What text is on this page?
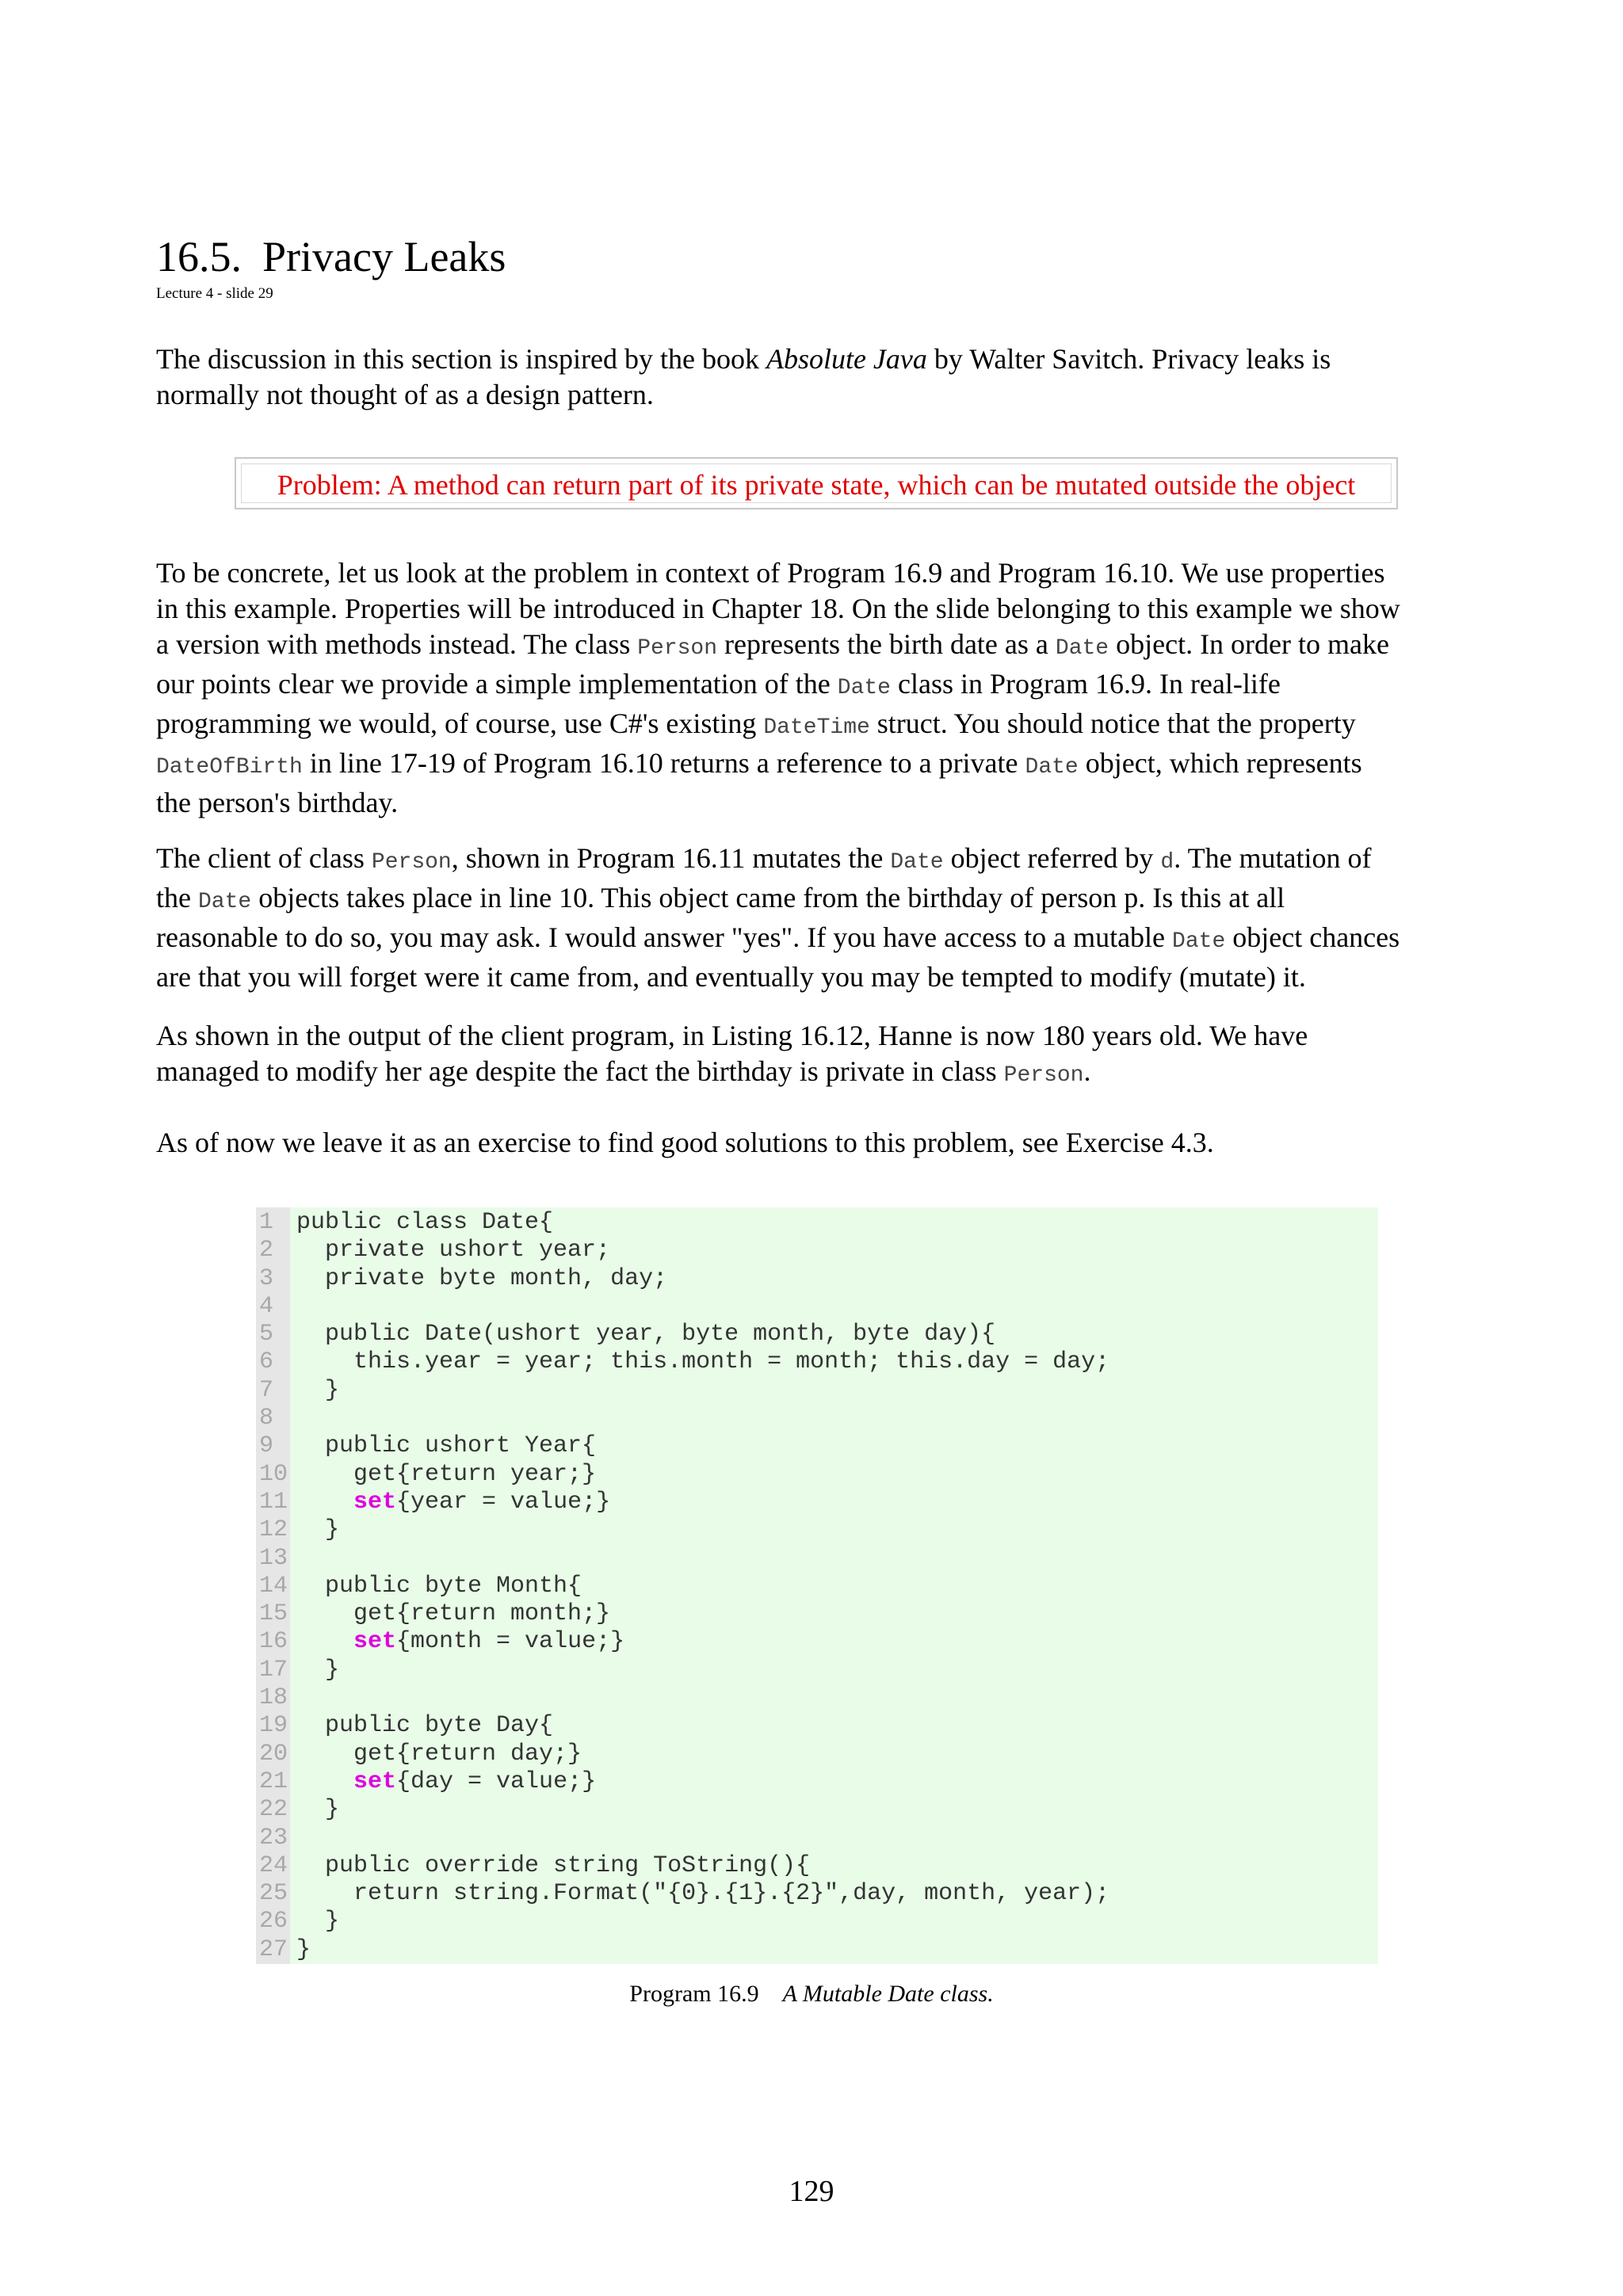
16.5. Privacy Leaks
Lecture 4 - slide 29

The discussion in this section is inspired by the book Absolute Java by Walter Savitch. Privacy leaks is
normally not thought of as a design pattern.

Problem: A method can return part of its private state, which can be mutated outside the object

To be concrete, let us look at the problem in context of Program 16.9 and Program 16.10. We use properties
in this example. Properties will be introduced in Chapter 18. On the slide belonging to this example we show
a version with methods instead. The class Person represents the birth date as a Date object. In order to make
our points clear we provide a simple implementation of the Date class in Program 16.9. In real-life
programming we would, of course, use C#'s existing DateTime struct. You should notice that the property
DateOfBirth in line 17-19 of Program 16.10 returns a reference to a private Date object, which represents
the person's birthday.

The client of class Person, shown in Program 16.11 mutates the Date object referred by d. The mutation of
the Date objects takes place in line 10. This object came from the birthday of person p. Is this at all
reasonable to do so, you may ask. I would answer "yes". If you have access to a mutable Date object chances
are that you will forget were it came from, and eventually you may be tempted to modify (mutate) it.

As shown in the output of the client program, in Listing 16.12, Hanne is now 180 years old. We have
managed to modify her age despite the fact the birthday is private in class Person.

As of now we leave it as an exercise to find good solutions to this problem, see Exercise 4.3.

1 public class Date{
2  private ushort year;
3  private byte month, day;
4
5  public Date(ushort year, byte month, byte day){
6    this.year = year; this.month = month; this.day = day;
7  }
8
9  public ushort Year{
10    get{return year;}
11	set{year = value;}
12  }
13
14  public byte Month{
15    get{return month;}
16	set{month = value;}
17  }
18
19  public byte Day{
20    get{return day;}
21	set{day = value;}
22  }
23
24  public override string ToString(){
25    return string.Format("{0}.{1}.{2}",day, month, year);
26  }
27 }
Program 16.9 A Mutable Date class.
129
